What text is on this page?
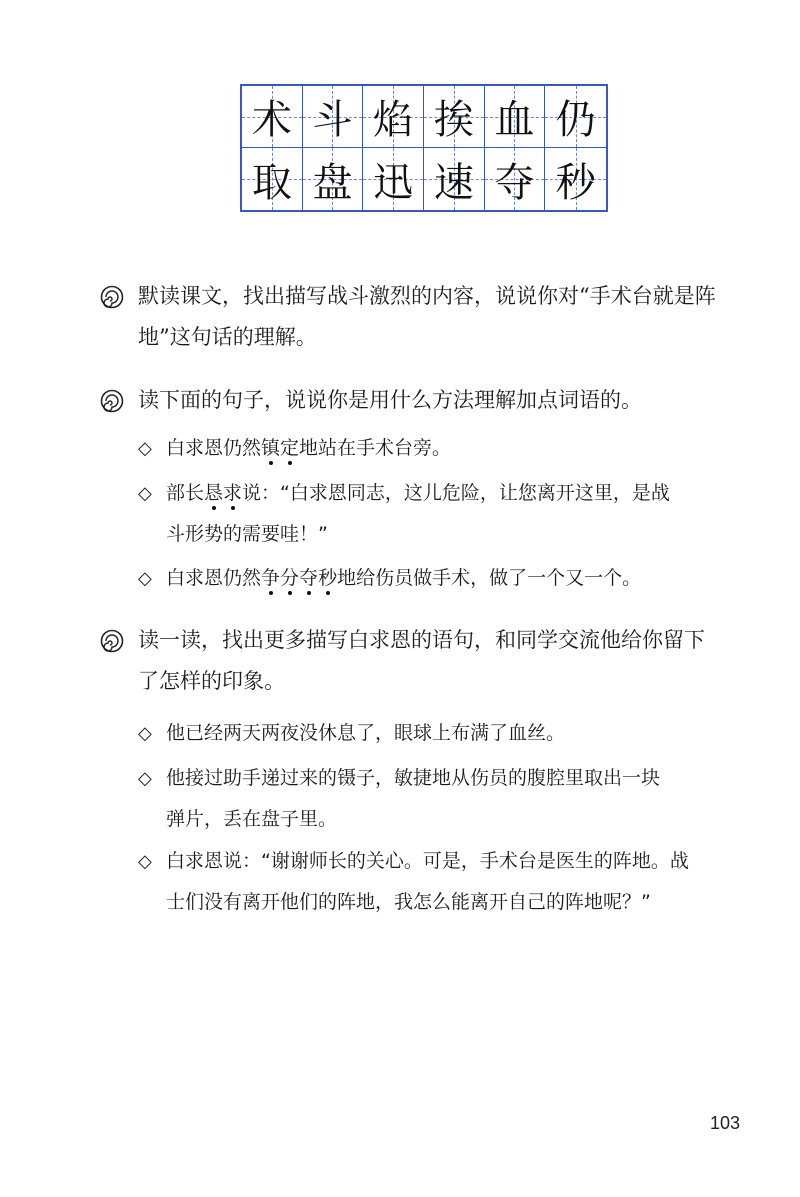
术 斗 焰 挨 血 仍
取 盘 迅 速 夺 秒
默读课文，找出描写战斗激烈的内容，说说你对“手术台就是阵
地”这句话的理解。
读下面的句子，说说你是用什么方法理解加点词语的。
◇ 白求恩仍然镇定地站在手术台旁。
◇ 部长恳求说：“白求恩同志，这儿危险，让您离开这里，是战
斗形势的需要哇！”
◇ 白求恩仍然争分夺秒地给伤员做手术，做了一个又一个。
读一读，找出更多描写白求恩的语句，和同学交流他给你留下
了怎样的印象。
◇ 他已经两天两夜没休息了，眼球上布满了血丝。
◇ 他接过助手递过来的镊子，敏捷地从伤员的腹腔里取出一块
弹片，丢在盘子里。
◇ 白求恩说：“谢谢师长的关心。可是，手术台是医生的阵地。战
士们没有离开他们的阵地，我怎么能离开自己的阵地呢？”
103
